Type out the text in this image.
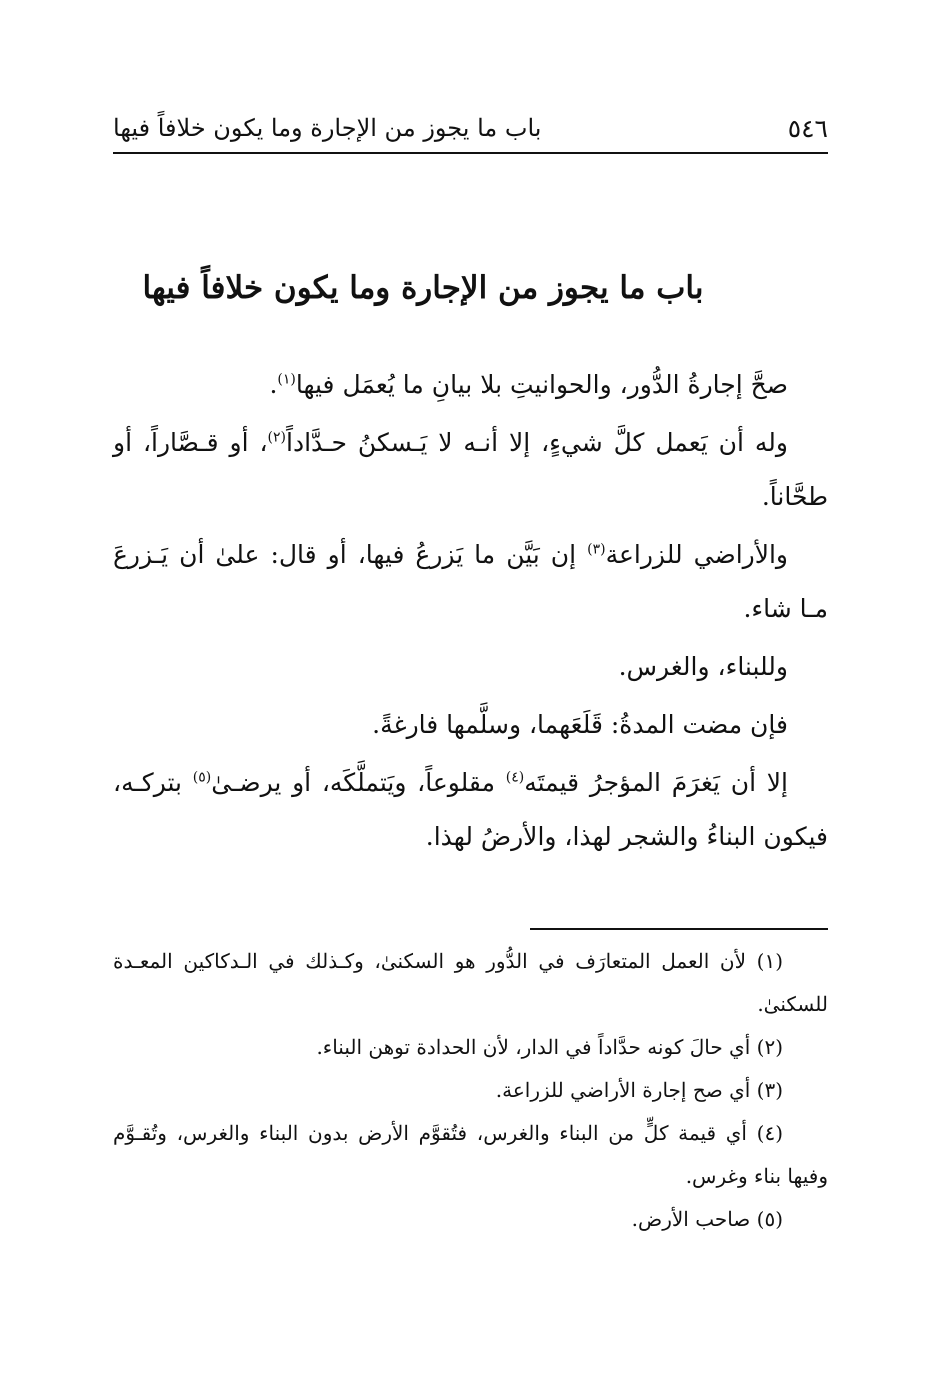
٥٤٦
باب ما يجوز من الإجارة وما يكون خلافاً فيها
باب ما يجوز من الإجارة وما يكون خلافاً فيها

صحَّ إجارةُ الدُّور، والحوانيتِ بلا بيانِ ما يُعمَل فيها$^{(١)}$.

وله أن يَعمل كلَّ شيءٍ، إلا أنـه لا يَـسكنُ حـدَّاداً$^{(٢)}$، أو قـصَّاراً، أو طحَّاناً.

والأراضي للزراعة$^{(٣)}$ إن بَيَّن ما يَزرعُ فيها، أو قال: علىٰ أن يَـزرعَ مـا شاء.

وللبناء، والغرس.

فإن مضت المدةُ: قَلَعَهما، وسلَّمها فارغةً.

إلا أن يَغرَمَ المؤجرُ قيمتَه$^{(٤)}$ مقلوعاً، ويَتملَّكَه، أو يرضـىٰ$^{(٥)}$ بتركـه، فيكون البناءُ والشجر لهذا، والأرضُ لهذا.

(١) لأن العمل المتعارَف في الدُّور هو السكنىٰ، وكـذلك في الـدكاكين المعـدة للسكنىٰ.

(٢) أي حالَ كونه حدَّاداً في الدار، لأن الحدادة توهن البناء.

(٣) أي صح إجارة الأراضي للزراعة.

(٤) أي قيمة كلٍّ من البناء والغرس، فتُقوَّم الأرض بدون البناء والغرس، وتُقـوَّم وفيها بناء وغرس.

(٥) صاحب الأرض.
